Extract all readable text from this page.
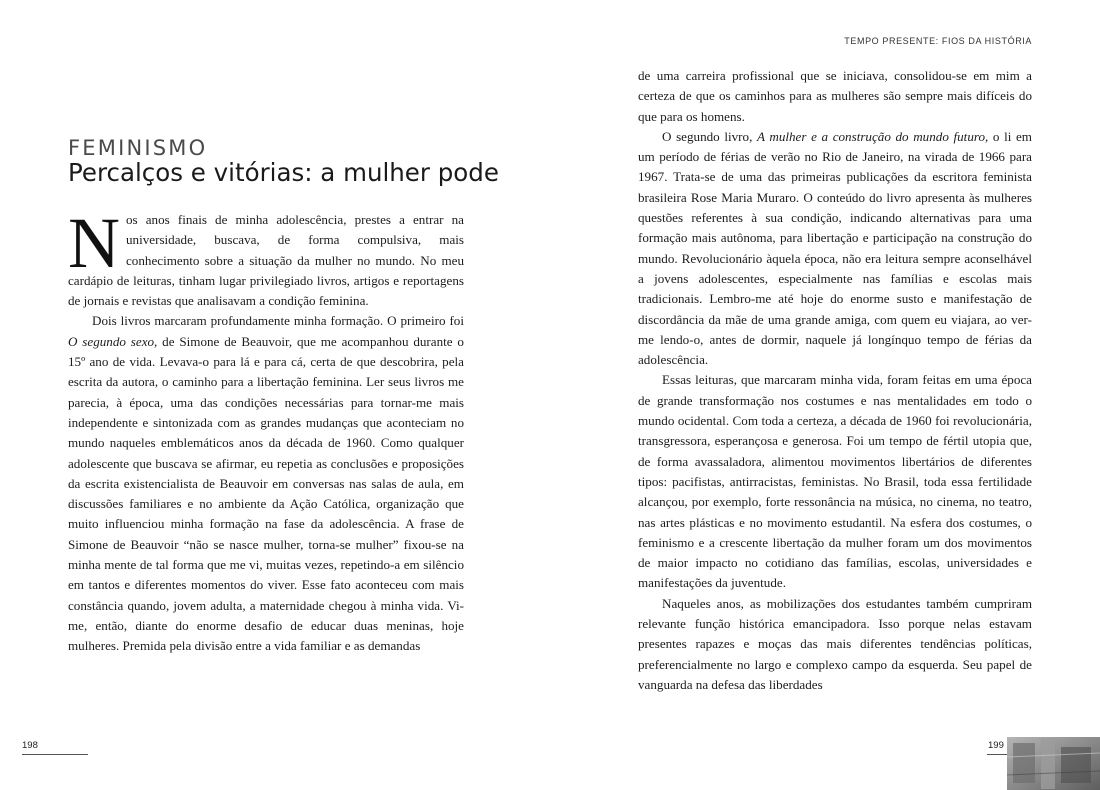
FEMINISMO
Percalços e vitórias: a mulher pode

Nos anos finais de minha adolescência, prestes a entrar na universidade, buscava, de forma compulsiva, mais conhecimento sobre a situação da mulher no mundo. No meu cardápio de leituras, tinham lugar privilegiado livros, artigos e reportagens de jornais e revistas que analisavam a condição feminina.

Dois livros marcaram profundamente minha formação. O primeiro foi O segundo sexo, de Simone de Beauvoir, que me acompanhou durante o 15º ano de vida. Levava-o para lá e para cá, certa de que descobrira, pela escrita da autora, o caminho para a libertação feminina. Ler seus livros me parecia, à época, uma das condições necessárias para tornar-me mais independente e sintonizada com as grandes mudanças que aconteciam no mundo naqueles emblemáticos anos da década de 1960. Como qualquer adolescente que buscava se afirmar, eu repetia as conclusões e proposições da escrita existencialista de Beauvoir em conversas nas salas de aula, em discussões familiares e no ambiente da Ação Católica, organização que muito influenciou minha formação na fase da adolescência. A frase de Simone de Beauvoir “não se nasce mulher, torna-se mulher” fixou-se na minha mente de tal forma que me vi, muitas vezes, repetindo-a em silêncio em tantos e diferentes momentos do viver. Esse fato aconteceu com mais constância quando, jovem adulta, a maternidade chegou à minha vida. Vi-me, então, diante do enorme desafio de educar duas meninas, hoje mulheres. Premida pela divisão entre a vida familiar e as demandas

198
TEMPO PRESENTE: FIOS DA HISTÓRIA

de uma carreira profissional que se iniciava, consolidou-se em mim a certeza de que os caminhos para as mulheres são sempre mais difíceis do que para os homens.

O segundo livro, A mulher e a construção do mundo futuro, o li em um período de férias de verão no Rio de Janeiro, na virada de 1966 para 1967. Trata-se de uma das primeiras publicações da escritora feminista brasileira Rose Maria Muraro. O conteúdo do livro apresenta às mulheres questões referentes à sua condição, indicando alternativas para uma formação mais autônoma, para libertação e participação na construção do mundo. Revolucionário àquela época, não era leitura sempre aconselhável a jovens adolescentes, especialmente nas famílias e escolas mais tradicionais. Lembro-me até hoje do enorme susto e manifestação de discordância da mãe de uma grande amiga, com quem eu viajara, ao ver-me lendo-o, antes de dormir, naquele já longínquo tempo de férias da adolescência.

Essas leituras, que marcaram minha vida, foram feitas em uma época de grande transformação nos costumes e nas mentalidades em todo o mundo ocidental. Com toda a certeza, a década de 1960 foi revolucionária, transgressora, esperançosa e generosa. Foi um tempo de fértil utopia que, de forma avassaladora, alimentou movimentos libertários de diferentes tipos: pacifistas, antirracistas, feministas. No Brasil, toda essa fertilidade alcançou, por exemplo, forte ressonância na música, no cinema, no teatro, nas artes plásticas e no movimento estudantil. Na esfera dos costumes, o feminismo e a crescente libertação da mulher foram um dos movimentos de maior impacto no cotidiano das famílias, escolas, universidades e manifestações da juventude.

Naqueles anos, as mobilizações dos estudantes também cumpriram relevante função histórica emancipadora. Isso porque nelas estavam presentes rapazes e moças das mais diferentes tendências políticas, preferencialmente no largo e complexo campo da esquerda. Seu papel de vanguarda na defesa das liberdades

199
